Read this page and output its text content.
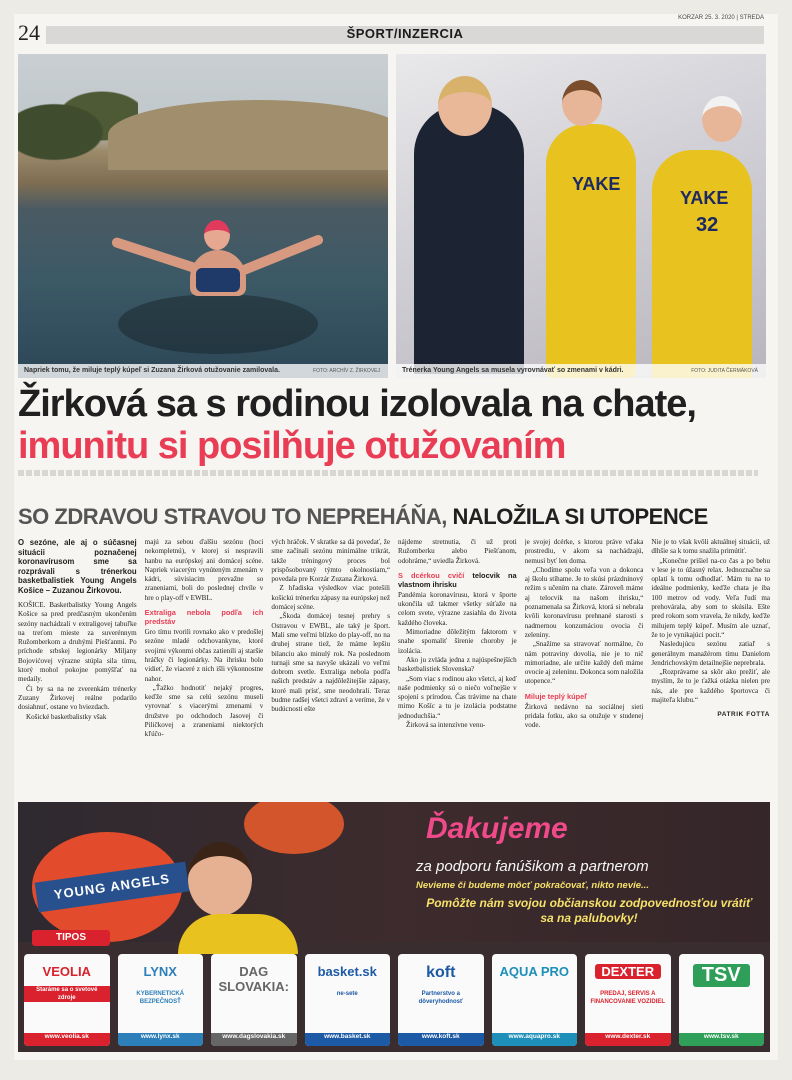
24	ŠPORT/INZERCIA
KORZÁR 25. 3. 2020 | STREDA
Napriek tomu, že miluje teplý kúpeľ si Zuzana Žirková otužovanie zamilovala.	FOTO: ARCHÍV Z. ŽIRKOVEJ
YAKE
YAKE
32
Trénerka Young Angels sa musela vyrovnávať so zmenami v kádri.	FOTO: JUDITA ČERMÁKOVÁ
Žirková sa s rodinou izolovala na chate,
imunitu si posilňuje otužovaním
SO ZDRAVOU STRAVOU TO NEPREHÁŇA, NALOŽILA SI UTOPENCE

O sezóne, ale aj o súčasnej situácii poznačenej koronavírusom sme sa rozprávali s trénerkou basketbalistiek Young Angels Košice – Zuzanou Žirkovou.

KOŠICE. Basketbalistky Young Angels Košice sa pred predčasným ukončením sezóny nachádzali v extraligovej tabuľke na treťom mieste za suverénnym Ružomberkom a druhými Piešťanmi. Po príchode srbskej legionárky Miljany Bojovićovej výrazne stúpla sila tímu, ktorý mohol pokojne pomýšľať na medaily.

Či by sa na ne zverenkám trénerky Zuzany Žirkovej reálne podarilo dosiahnuť, ostane vo hviezdach.

Košické basketbalistky však

majú za sebou ďalšiu sezónu (hoci nekompletnú), v ktorej si nespravili hanbu na európskej ani domácej scéne. Napriek viacerým vynúteným zmenám v kádri, súvisiacim prevažne so zraneniami, boli do poslednej chvíle v hre o play-off v EWBL.

Extraliga nebola podľa ich predstáv

Gro tímu tvorili rovnako ako v predošlej sezóne mladé odchovankyne, ktoré svojimi výkonmi občas zatienili aj staršie hráčky či legionárky. Na ihrisku bolo vidieť, že viaceré z nich išli výkonnostne nahor.

„Ťažko hodnotiť nejaký progres, keďže sme sa celú sezónu museli vyrovnať s viacerými zmenami v družstve po odchodoch Jasovej či Piličkovej a zraneniami niektorých kľúčo-

vých hráčok. V skratke sa dá povedať, že sme začínali sezónu minimálne trikrát, takže tréningový proces bol prispôsobovaný týmto okolnostiam,“ povedala pre Korzár Zuzana Žirková.

Z hľadiska výsledkov viac potešili košickú trénerku zápasy na európskej než domácej scéne.

„Škoda domácej tesnej prehry s Ostravou v EWBL, ale taký je šport. Mali sme veľmi blízko do play-off, no na druhej strane tiež, že máme lepšiu bilanciu ako minulý rok. Na poslednom turnaji sme sa navyše ukázali vo veľmi dobrom svetle. Extraliga nebola podľa našich predstáv a najdôležitejšie zápasy, ktoré mali prísť, sme neodohrali. Teraz budme radšej všetci zdraví a veríme, že v budúcnosti ešte

nájdeme stretnutia, či už proti Ružomberku alebo Piešťanom, odohráme,“ uviedla Žirková.

S dcérkou cvičí telocvik na vlastnom ihrisku

Pandémia koronavírusu, ktorá v športe ukončila už takmer všetky súťaže na celom svete, výrazne zasiahla do života každého človeka.

Mimoriadne dôležitým faktorom v snahe spomaliť šírenie choroby je izolácia.

Ako ju zvláda jedna z najúspešnejších basketbalistiek Slovenska?

„Som viac s rodinou ako všetci, aj keď naše podmienky sú o niečo voľnejšie v spojení s prírodou. Čas trávime na chate mimo Košíc a tu je izolácia podstatne jednoduchšia.“

Žirková sa intenzívne venu-

je svojej dcérke, s ktorou práve vďaka prostrediu, v akom sa nachádzajú, nemusí byť len doma.

„Chodíme spolu veľa von a dokonca aj školu stíhame. Je to skúsi prázdninový režim s učením na chate. Zároveň máme aj telocvik na našom ihrisku,“ poznamenala sa Žirková, ktorá si nebrala kvôli koronavírusu prehnané starosti s nadmernou konzumáciou ovocia či zeleniny.

„Snažíme sa stravovať normálne, čo nám potraviny dovolia, nie je to nič mimoriadne, ale určite každý deň máme ovocie aj zeleninu. Dokonca som naložila utopence.“

Miluje teplý kúpeľ

Žirková nedávno na sociálnej sieti pridala fotku, ako sa otužuje v studenej vode.

Nie je to však kvôli aktuálnej situácii, už dlhšie sa k tomu snažila primútiť.

„Konečne prišiel na-co čas a po behu v lese je to úžasný relax. Jednoznačne sa oplatí k tomu odhodlať. Mám tu na to ideálne podmienky, keďže chata je iba 100 metrov od vody. Veľa ľudí ma prehovárala, aby som to skúsila. Ešte pred rokom som vravela, že nikdy, keďže milujem teplý kúpeľ. Musím ale uznať, že to je vynikajúci pocit.“

Nasledujúcu sezónu zatiaľ s generálnym manažérom tímu Danielom Jendrichovským detailnejšie neprebrala.

„Rozprávame sa skôr ako prežiť, ale myslím, že to je ťažká otázka nielen pre nás, ale pre každého športovca či majiteľa klubu.“

PATRIK FOTTA
YOUNG ANGELS
Ďakujeme
za podporu fanúšikom a partnerom
Nevieme či budeme môcť pokračovať, nikto nevie...
Pomôžte nám svojou občianskou zodpovednosťou vrátiť sa na palubovky!
TIPOS
VEOLIA
Staráme sa o svetové zdroje
www.veolia.sk
LYNX
KYBERNETICKÁ BEZPEČNOSŤ
www.lynx.sk
DAG SLOVAKIA:
www.dagslovakia.sk
basket.sk
ne-sete
www.basket.sk
koft
Partnerstvo a dôveryhodnosť
www.koft.sk
AQUA PRO
www.aquapro.sk
DEXTER
PREDAJ, SERVIS A FINANCOVANIE VOZIDIEL
www.dexter.sk
TSV
www.tsv.sk
